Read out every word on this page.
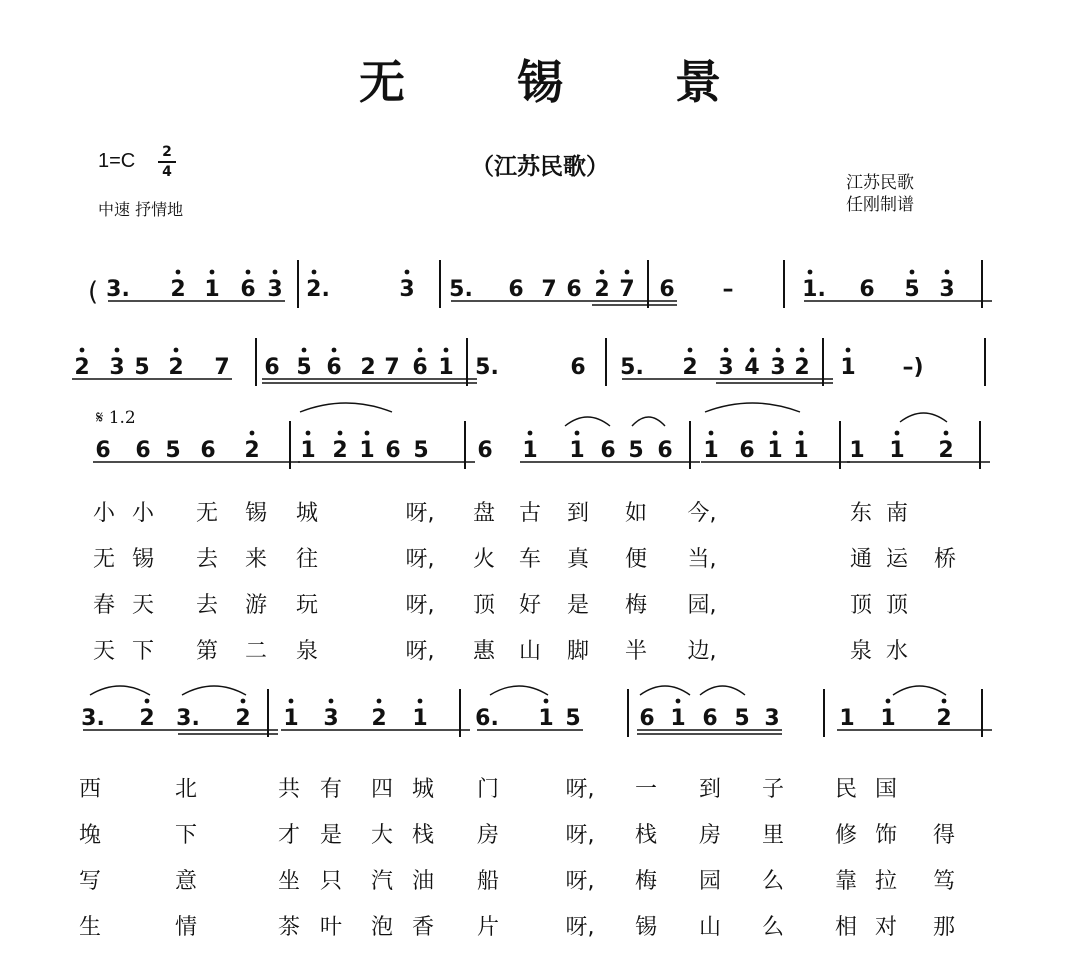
无 锡 景
（江苏民歌）
1=C 2
4
中速 抒情地
江苏民歌
任刚制谱
3. 2 1 6 3 2.	3 5. 6 7 6 2 7 6 –	1. 6 5 3
2 3 5 2 7 6 5 6 2 7 6 1 5.	6 5. 2 3 4 3 2 1 –)
6 6 5 6 2 1 2 1 6 5 6 1 1 6 5 6 1 6 1 1 1 1 2
3. 2 3. 2 1 3 2 1 6. 1 5	6 1 6 5 3	1 1 2
(
𝄋 1.2
小 小 无 锡 城	呀, 盘 古 到 如 今,	东 南
无 锡 去 来 往	呀, 火 车 真 便 当,	通 运 桥
春 天 去 游 玩	呀, 顶 好 是 梅 园,	顶 顶
天 下 第 二 泉	呀, 惠 山 脚 半 边,	泉 水
西	北	共 有 四 城 门	呀, 一 到 子 民 国
堍	下	才 是 大 栈 房	呀, 栈 房 里 修 饰 得
写	意	坐 只 汽 油 船	呀, 梅 园 么 靠 拉 笃
生	情	茶 叶 泡 香 片	呀, 锡 山 么 相 对 那
